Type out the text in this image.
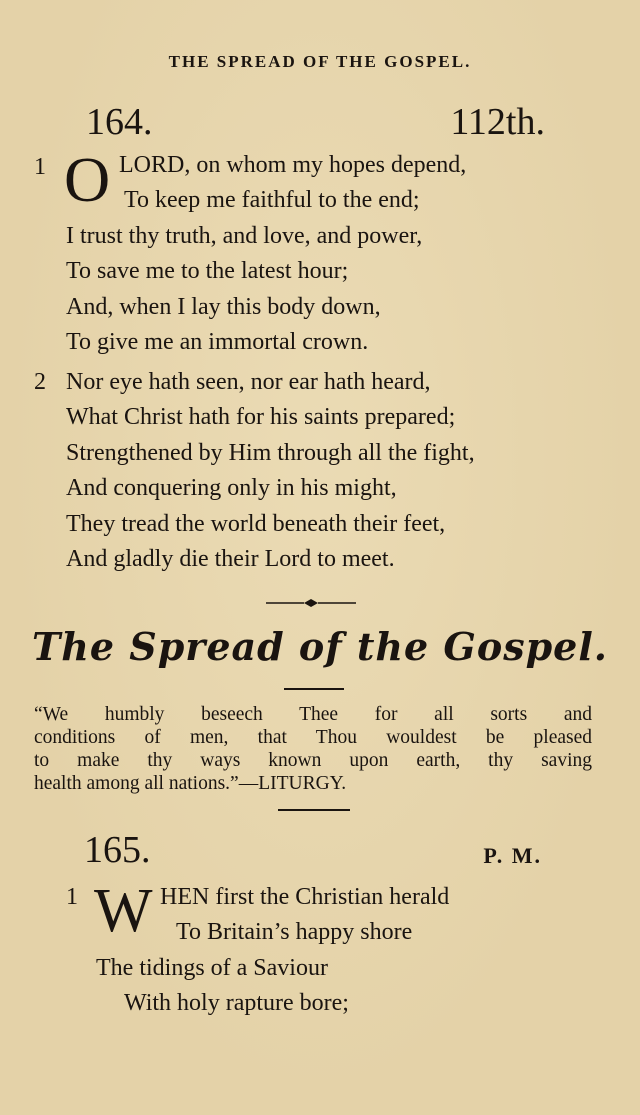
THE SPREAD OF THE GOSPEL.
164.	112th.
1 O LORD, on whom my hopes depend,
To keep me faithful to the end;
I trust thy truth, and love, and power,
To save me to the latest hour;
And, when I lay this body down,
To give me an immortal crown.
2 Nor eye hath seen, nor ear hath heard,
What Christ hath for his saints prepared;
Strengthened by Him through all the fight,
And conquering only in his might,
They tread the world beneath their feet,
And gladly die their Lord to meet.
The Spread of the Gospel.
“We humbly beseech Thee for all sorts and
conditions of men, that Thou wouldest be pleased
to make thy ways known upon earth, thy saving
health among all nations.”—LITURGY.
165.	P. M.
1 W HEN first the Christian herald
To Britain’s happy shore
The tidings of a Saviour
With holy rapture bore;
